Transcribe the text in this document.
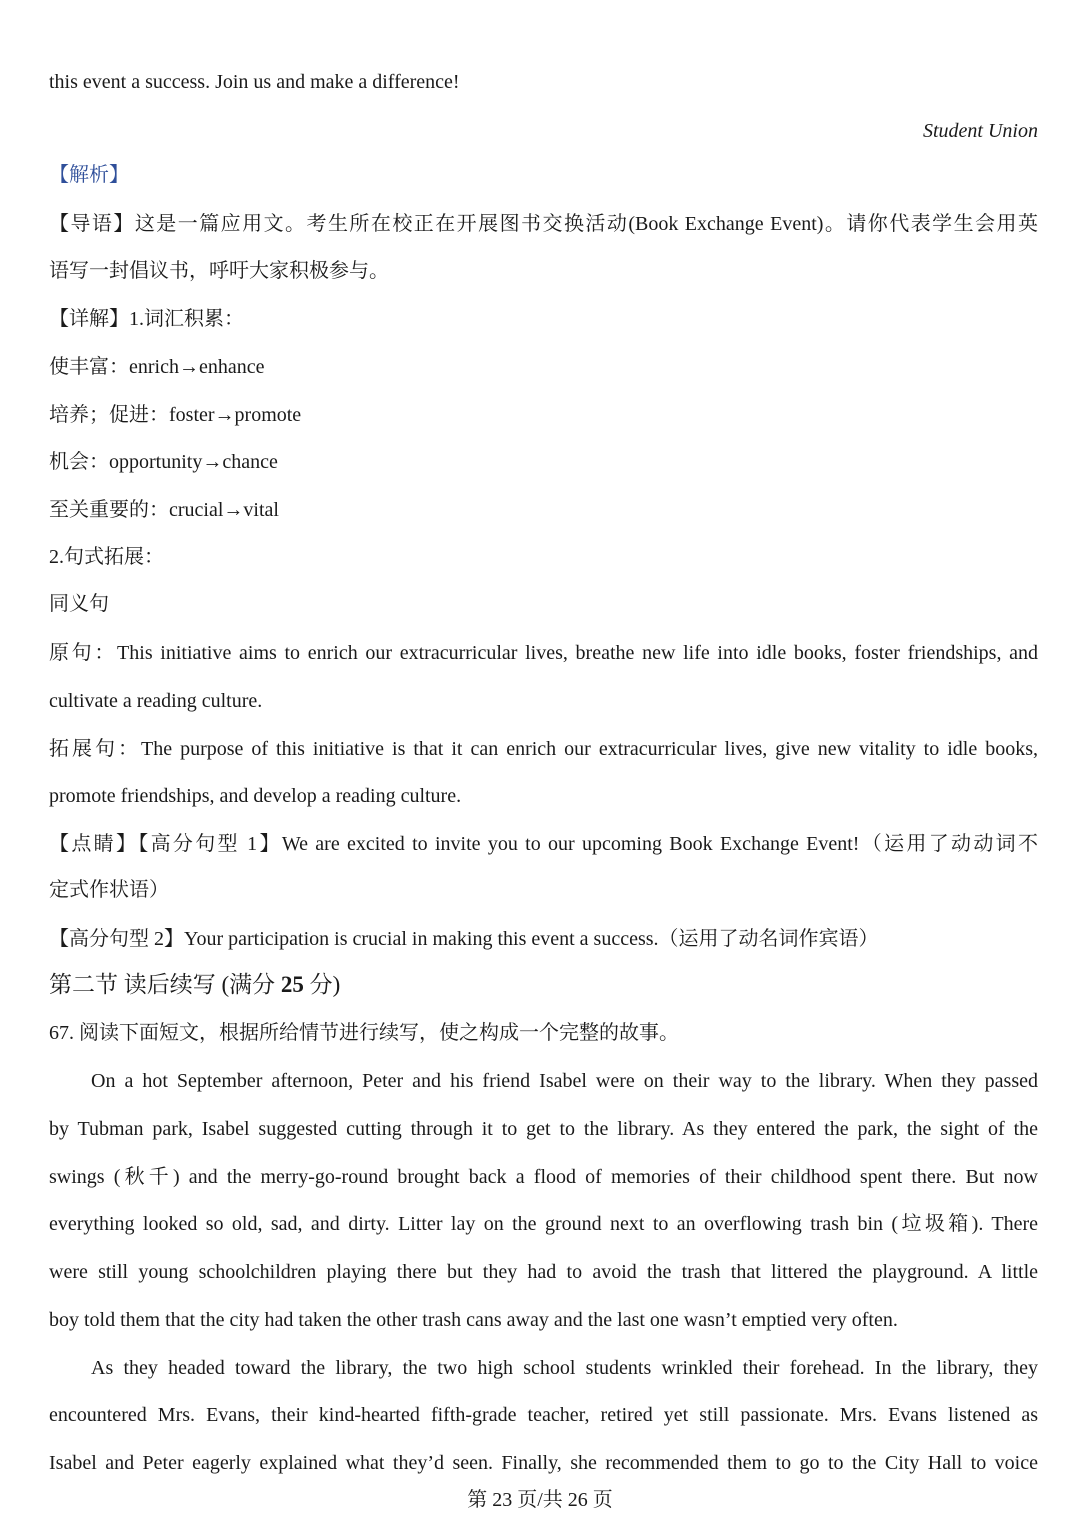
this event a success. Join us and make a difference!
Student Union
【解析】
【导语】这是一篇应用文。考生所在校正在开展图书交换活动(Book Exchange Event)。请你代表学生会用英
语写一封倡议书，呼吁大家积极参与。
【详解】1.词汇积累：
使丰富：enrich→enhance
培养；促进：foster→promote
机会：opportunity→chance
至关重要的：crucial→vital
2.句式拓展：
同义句
原句：This initiative aims to enrich our extracurricular lives, breathe new life into idle books, foster friendships, and
cultivate a reading culture.
拓展句：The purpose of this initiative is that it can enrich our extracurricular lives, give new vitality to idle books,
promote friendships, and develop a reading culture.
【点睛】【高分句型 1】We are excited to invite you to our upcoming Book Exchange Event!（运用了动动词不
定式作状语）
【高分句型 2】Your participation is crucial in making this event a success.（运用了动名词作宾语）
第二节 读后续写 (满分 25 分)
67. 阅读下面短文，根据所给情节进行续写，使之构成一个完整的故事。
On a hot September afternoon, Peter and his friend Isabel were on their way to the library. When they passed
by Tubman park, Isabel suggested cutting through it to get to the library. As they entered the park, the sight of the
swings (秋千) and the merry-go-round brought back a flood of memories of their childhood spent there. But now
everything looked so old, sad, and dirty. Litter lay on the ground next to an overflowing trash bin (垃圾箱). There
were still young schoolchildren playing there but they had to avoid the trash that littered the playground. A little
boy told them that the city had taken the other trash cans away and the last one wasn’t emptied very often.
As they headed toward the library, the two high school students wrinkled their forehead. In the library, they
encountered Mrs. Evans, their kind-hearted fifth-grade teacher, retired yet still passionate. Mrs. Evans listened as
Isabel and Peter eagerly explained what they’d seen. Finally, she recommended them to go to the City Hall to voice
第 23 页/共 26 页
